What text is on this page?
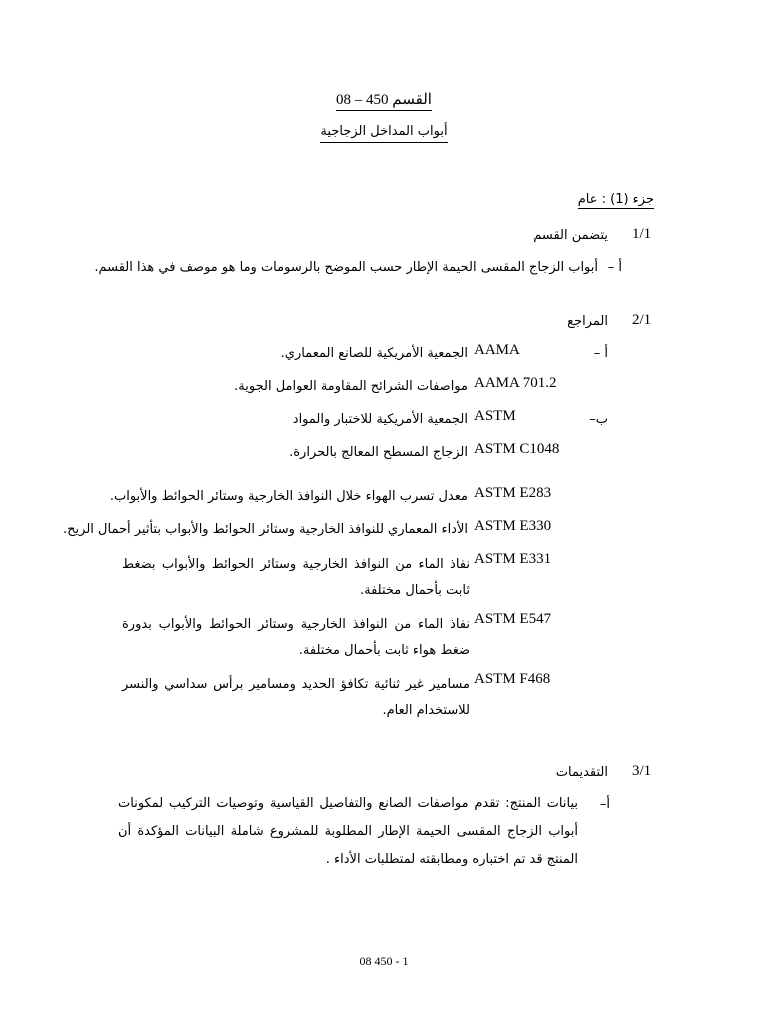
القسم 450 – 08
أبواب المداخل الزجاجية
جزء (1) : عام
1/1
يتضمن القسم
أ –
أبواب الزجاج المقسى الحيمة الإطار حسب الموضح بالرسومات وما هو موصف في هذا القسم.
2/1
المراجع
أ –
ب–
AAMA
الجمعية الأمريكية للصانع المعماري.
AAMA 701.2
مواصفات الشرائح المقاومة العوامل الجوية.
ASTM
الجمعية الأمريكية للاختبار والمواد
ASTM C1048
الزجاج المسطح المعالج بالحرارة.
ASTM E283
معدل تسرب الهواء خلال النوافذ الخارجية وستائر الحوائط والأبواب.
ASTM E330
الأداء المعماري للنوافذ الخارجية وستائر الحوائط والأبواب بتأثير أحمال الريح.
ASTM E331
نفاذ الماء من النوافذ الخارجية وستائر الحوائط والأبواب بضغط ثابت بأحمال مختلفة.
ASTM E547
نفاذ الماء من النوافذ الخارجية وستائر الحوائط والأبواب بدورة ضغط هواء ثابت بأحمال مختلفة.
ASTM F468
مسامير غير ثنائية تكافؤ الحديد ومسامير برأس سداسي والنسر للاستخدام العام.
3/1
التقديمات
أ–
بيانات المنتج: تقدم مواصفات الصانع والتفاصيل القياسية وتوصيات التركيب لمكونات أبواب الزجاج المقسى الحيمة الإطار المطلوبة للمشروع شاملة البيانات المؤكدة أن المنتج قد تم اختباره ومطابقته لمتطلبات الأداء .
08 450 - 1
